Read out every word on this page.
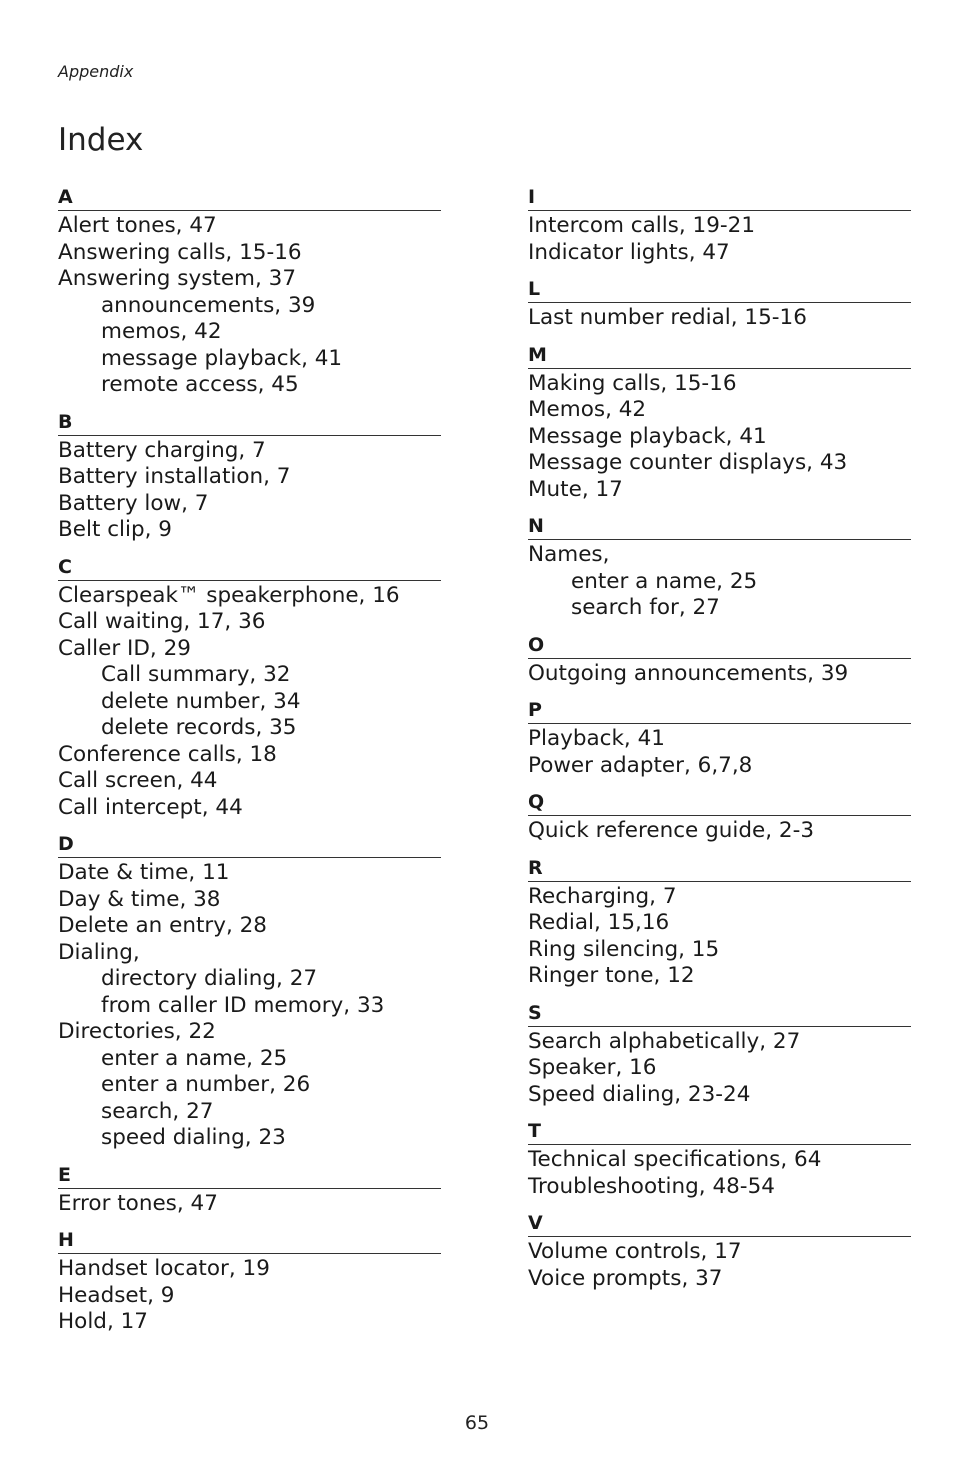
Appendix
Index
A
Alert tones, 47
Answering calls, 15-16
Answering system, 37
announcements, 39
memos, 42
message playback, 41
remote access, 45
B
Battery charging, 7
Battery installation, 7
Battery low, 7
Belt clip, 9
C
Clearspeak™ speakerphone, 16
Call waiting, 17, 36
Caller ID, 29
Call summary, 32
delete number, 34
delete records, 35
Conference calls, 18
Call screen, 44
Call intercept, 44
D
Date & time, 11
Day & time, 38
Delete an entry, 28
Dialing,
directory dialing, 27
from caller ID memory, 33
Directories, 22
enter a name, 25
enter a number, 26
search, 27
speed dialing, 23
E
Error tones, 47
H
Handset locator, 19
Headset, 9
Hold, 17
I
Intercom calls, 19-21
Indicator lights, 47
L
Last number redial, 15-16
M
Making calls, 15-16
Memos, 42
Message playback, 41
Message counter displays, 43
Mute, 17
N
Names,
enter a name, 25
search for, 27
O
Outgoing announcements, 39
P
Playback, 41
Power adapter, 6,7,8
Q
Quick reference guide, 2-3
R
Recharging, 7
Redial, 15,16
Ring silencing, 15
Ringer tone, 12
S
Search alphabetically, 27
Speaker, 16
Speed dialing, 23-24
T
Technical specifications, 64
Troubleshooting, 48-54
V
Volume controls, 17
Voice prompts, 37
65
